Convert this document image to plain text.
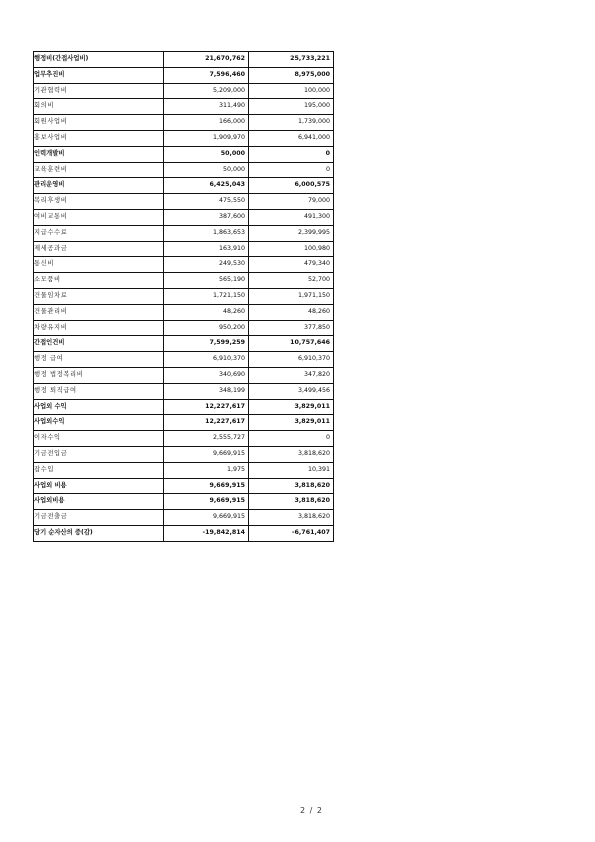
행정비(간접사업비)	21,670,762	25,733,221
업무추진비	7,596,460	8,975,000
기관협력비	5,209,000	100,000
회의비	311,490	195,000
회원사업비	166,000	1,739,000
홍보사업비	1,909,970	6,941,000
인력개발비	50,000	0
교육훈련비	50,000	0
관리운영비	6,425,043	6,000,575
복리후생비	475,550	79,000
여비교통비	387,600	491,300
지급수수료	1,863,653	2,399,995
제세공과금	163,910	100,980
통신비	249,530	479,340
소모품비	565,190	52,700
건물임차료	1,721,150	1,971,150
건물관리비	48,260	48,260
차량유지비	950,200	377,850
간접인건비	7,599,259	10,757,646
행정 급여	6,910,370	6,910,370
행정 법정복리비	340,690	347,820
행정 퇴직급여	348,199	3,499,456
사업외 수익	12,227,617	3,829,011
사업외수익	12,227,617	3,829,011
이자수익	2,555,727	0
기금전입금	9,669,915	3,818,620
잡수입	1,975	10,391
사업외 비용	9,669,915	3,818,620
사업외비용	9,669,915	3,818,620
기금전출금	9,669,915	3,818,620
당기 순자산의 증(감)	-19,842,814	-6,761,407
2 / 2
